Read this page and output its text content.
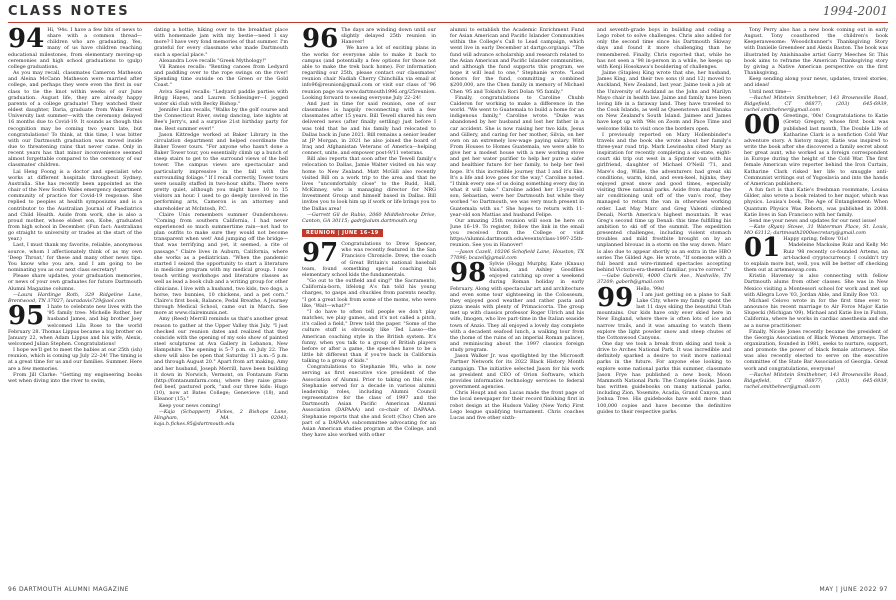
CLASS NOTES	1994-2001
94 Hi, '94s. I have a few bits of news to share with a common thread—children who are graduating. Yes, many of us have children reaching educational milestones, from elementary moving-up ceremonies and high school graduations to (gulp) college graduations.

As you may recall, classmates Cameron Matheson and Aleina McCann Matheson were married after college, and perhaps they were even the first in our class to tie the knot within weeks of our June graduation. August life, they are already happy parents of a college graduate! They watched their eldest daughter, Daria, graduate from Wake Forest University last summer—with the ceremony delayed 16 months due to Covid-19. It sounds as though this recognition may be coming two years late, but congratulations! To think, at this time, I was bitter with our Dartmouth graduation was moved inside due to threatening rains that never came. Only in recent years has that minor inconvenience seemed almost forgettable compared to the ceremony of our classmates' children.

Lai Heng Foong is a doctor and specialist who works at different hospitals throughout Sydney, Australia. She has recently been appointed as the chair of the New South Wales emergency department community of practice for Covid-19 response. She replied to peoples at health symposiums and is a contributor to the Australian Journal of Paediatrics and Child Health. Aside from work, she is also a proud mother, whose eldest son, Kobe, graduated from high school in December. (Fun fact: Australians go straight to university or trades at the start of the year.)

Last, I must thank my favorite, reliable, anonymous source, whom I affectionately think of as my own 'Deep Throat,' for these and many other news tips. You know who you are, and I am going to be nominating you as our next class secretary!

Please share updates, your graduation memories, or news of your own graduates for future Dartmouth Alumni Magazine columns.

—Laura Hardinge Roth, 329 Ridgeline Lane, Brentwood, TN 37027; lauradavis729@aol.com

95 I hate to celebrate new lives with the '95 family tree: Michelle Rother, her husband James, and big brother Joey welcomed Lila Rose to the world February 28. Thomas Lippus became a big brother on January 22, when Adam Lippus and his wife, Alexis, welcomed Julian Stephen. Congratulations!

I hope we'll get to meet the babies at our 25th (ish) reunion, which is coming up July 22–24! The timing is at a great time for us and our families. Summer. Here are a few memories.

From Jill Clarke: "Getting my engineering books wet when diving into the river to swim,

dating a hottie, hiking over to the breakfast place with homemade jam with my bestie—need I say more? I have very fond memories of that summer. I'm grateful for every classmate who made Dartmouth such a special place."

Alexandra Love recalls "Greek Mythology!"

Vil Ramos recalls: "Renting canoes from Ledyard and paddling over to the rope swings on the river! Spending time outside on the Green or the Gold Coast."

Aviva Siegel recalls: "Ledyard paddle parties with Brigg Hayes, and Lauren Schlesinger—I jogged water ski club with Becky Bishop."

Jennifer Linn recalls, "Walks by the golf course and the Connecticut River, swing dancing, late nights at Bee's Jerry's, and a surprise 21st birthday party for me. Best summer ever!"

Jason Kittredge worked at Baker Library in the circulation department and helped coordinate the Baker Tower tours. "For anyone who hasn't done a Baker Tower tour, you essentially climb up a bunch of steep stairs to get to the surround views of the bell tower. The campus views are spectacular and particularly impressive in the fall with the surrounding foliage." If I recall correctly, Tower tours were usually staffed in two-hour shifts. There were pretty quiet, although you might have 10 to 15 visitors an hour. I used to go deeply involved in the performing arts, Cameron is an attorney and shareholder at McIntosh, P.C.

Claire Unis remembers summer Oundershows: "Coming from southern California, I had never experienced so much summertime rain—not had to plan outfits to make sure they would not become transparent when wet! And jumping off the bridge—that was terrifying and yet, it seemed, a rite of passage." Claire lives in Auburn, California, where she works as a pediatrician. "When the pandemic started I seized the opportunity to start a literature in medicine program with my medical group. I now teach writing workshops and literature classes as well as lead a book club and a writing group for other clinicians. I live with a husband, two kids, two dogs, a horse, two bunnies, 10 chickens, and a pet corn." Claire's first book, Balance, Pedal Breathe, A Journey through Medical School, came out in March. See more at www.clairemunis.net.

Amy (Reed) Merrill reminds us that's another great reason to gather at the Upper Valley this July. "I just checked our reunion dates and realized that they coincide with the opening of my solo show of painted steel sculptures at Ava Gallery in Lebanon, New Hampshire. The opening is 5–7 p.m. on July 22. The show will also be open that Saturday 11 a.m.–5 p.m. and through August 20." Apart from art making, Amy and her husband, Joseph Merrill, have been building it down in Norwich, Vermont, on Fontanum Farm (http://fontanumfarm.com), where they raise grass-fed beef, pastured pork, "and our three kids: Hugo (10), now at Bates College; Genevieve (18), and Eleanor (15)."

Keep your news coming!

—Kaja (Schappert) Fickes, 2 Bishops Lane, Hingham, MA 02043; kaja.h.fickes.95@dartmouth.edu

96 The days are winding down until our slightly delayed 25th reunion in Hanover!

We have a lot of exciting plans in the works for everyone able to make it back to campus (and potentially a few options for those not able to make the trek back home). For information regarding our 25th, please contact our classmates' reunion chair Nadiah Cherry Chinchilla via email at info96@reunion@gmail.com or visit our class of '96 reunion page via www.dartmouth1996.org/25reunion. Looking forward to seeing everyone July 22–24!

And just in time for said reunion, one of our classmates is happily reconnecting with a few classmates after 15 years. Bill Tewell shared his own delivered news (after finally settling) just before I was told that he and his family had relocated to Dallas back in June 2021. Bill remains a senior leader at JP Morgan, in 2021 he also joined the board of Iraq and Afghanistan Veterans of America—helping connect, unite, and empower post-9/11 veterans.

Bill also reports that soon after the Tewell family's relocation to Dallas, Jamie Walter visited on his way home to New Zealand. Matt McGill also recently visited Bill on a work trip to the area and that he lives "uncomfortably close" to the Rudd, Hall, McKinney, who is managing director for NRG Investment Group and himself based in Dallas. Bill invites you to look him up if work or life brings you to the Dallas area!

—Garrett Gil de Rubio, 2060 Middlebrooke Drive, Canton, GA 30115; gadr@alum.dartmouth.org

REUNION | JUNE 16–19
97 Congratulations to Drew Spencer, who was recently featured in the San Francisco Chronicle. Drew, the coach of Great Britain's national baseball team, found something special coaching his elementary school kids the fundamentals.

"Go out to the outfield and sing!" the Sacramento, California-born, lifelong A's fan told his young charges, to gasps and chuckles from parents nearby. "I got a great look from some of the moms, who were like, 'Wait—what?'"

"I do have to often tell people we don't play matches, we play games, and it's not called a pitch, it's called a field," Drew told the paper. "Some of the culture stuff is obviously like Ted Lasso—the American coaching style in the British system. It's funny, when you talk to a group of British players before or after a game, the speeches have to be a little bit different than if you're back in California talking to a group of kids."

Congratulations to Stephanie Wu, who is now serving as first executive vice president of the Association of Alumni. Prior to taking on this role, Stephanie served for a decade in various alumni leadership roles, including Alumni Council representative for the class of 1997 and the Dartmouth Asian Pacific American Alumni Association (DAPAAA) and co-chair of DAPAAA. Stephanie reports that she and Scott (Cho) Chen are part of a DAPAAA subcommittee advocating for an Asian American studies program at the College, and they have also worked with other

alumni to establish the Academic Enrichment Fund for Asian American and Pacific Islander Communities within the College's Call to Lead campaign, which went live in early December at dartgo.org/aapi. "The fund will advance scholarship and research related to the Asian American and Pacific Islander communities, and although the fund supports this program, we hope it will lead to one," Stephanie wrote. "Lead donors for the fund, committing a combined $200,000, are the Chen family in memory of Michael Chen '95 and Tokishi's Rori Dolan '95 family."

Finally, congratulations to Caroline Chubb Calderon for working to make a difference in the world. "We went to Guatemala to build a home for an indigenous family," Caroline wrote. "Duke was abandoned by her husband and lost her father in a car accident. She is now raising her two kids, Jesus and Gillery, and caring for her mother, Silvia, on her own on an extremely low-wage paying salary. With From Houses to Homes Guatemala, we were able to give her a modest house with a new working stove and get her water purifier to help her pure a safer and healthier future for her family, to help her feel hope. It's this incredible journey that I and it's like. It's a life and love goes for the way," Caroline noted. "I think every one of us doing something every day in what it will take." Caroline added her 13-year-old son, Sebastian, were her Dartmouth but while they worked "so Dartmouth, we was very much present in Guatemala with us." She hopes to return with 11-year-old son Mattias and husband Felipe.

Our amazing 25th reunion will soon be here on June 16–19. To register, follow the link in the email you received from the College or visit https://alumni.dartmouth.edu/events/class-1997-25th-reunion. See you in Hanover!

—Jason Cazell, 10206 Schofield Lane, Houston, TX 77096; bcazell@gmail.com

98 Sylvie (Hogg) Murphy, Kate (Knaus) Vaishon, and Ashley Goodflies enjoyed catching up over a weekend during Roman holiday in early February. Along with spectacular art and architecture and even some tour sightseeing in the Colosseum, they enjoyed good weather and rather pasta and pizza meals with plenty of Primacicorta. The group met up with classics professor Roger Ulrich and his wife, Imogen, who live part-time in the Italian seaside town of Anzio. They all enjoyed a lovely day complete with a decadent seafood lunch, a walking tour from the (home of the ruins of an imperial Roman palace), and reminiscing about the 1997 classics foreign study program.

Jason Walker Jr. was spotlighted by the Microsoft Partner Network for its 2022 Black History Month campaign. The initiative selected Jason for his work as president and CEO of Orion Software, which provides information technology services to federal government agencies.

Chris Houpt and son Lucas made the front page of the local newspaper for their record finishing first in robot design at the Hudson Valley (New York) First Lego league qualifying tournament. Chris coaches Lucas and five other sixth-

and seventh-grade boys in building and coding a Lego robot to solve challenges. Chris also added for only the second time since his Dartmouth Skiway days and found it more challenging than he remembered. Finally, Chris reported that, while he has not seen a '98 in-person in a while, he keeps up with Kenji Hosokawa's bouldering of challenges.

Jaime (Staples) King wrote that she, her husband, James King, and their two sons (8 and 12) moved to Auckland, New Zealand, last year. Jaime took a job at the University of Auckland as the John and Marilyn Mayo chair in health law. Jaime and family have been loving life in a faraway land. They have traveled to the Cook Islands, as well as Queenstown and Wanaka on New Zealand's South Island. Jaimee and James have kept up with '98s on Zoom and Pace Time and welcome folks to visit once the borders open.

I previously reported on Mary Hollenbinder's travels and the book she wrote about her family's three-year road trip. Mark Lewinsohn cited Mary as inspiration for recently completing a six-state, eight-court ski trip out west in a Sprinter van with his girlfriend, daughter of Michael O'Neill '71, and Mare's dog, Willie, the adventurers had great ski conditions, warm, kind, and even-keel, hijinks, they enjoyed great snow and good times, especially visiting three national parks. Aside from sharing the air conditioning unit off of the van's roof, they managed to return the van in otherwise working order. Last May Marc and Greg Valenti climbed Denali, North America's highest mountain. It was Greg's second time up Denali: this time fulfilling his ambition to ski off of the summit. The expedition presented challenges, including violent stomach troubles and mild frostbite brought on by an unplanned bivouac in a storm on the way down. Marc is also due to appear shortly as an extra in the HBO series The Gilded Age. He wrote, "If someone with a full beard and wire-rimmed spectacles accepting behind Victoria-era-themed familiar, you're correct."

—Gabe Gabrelli, 4000 Clark Ave., Nashville, TN 37209; gaberb@gmail.com

99 Hello, '99s!

I am just getting on a plane to Salt Lake City, where my family spent the last 11 days skiing the beautiful Utah mountains. Our kids have only ever skied here in New England, where there is often lots of ice and narrow trails, and it was amazing to watch them explore the light powder snow and steep chutes of the Cottonwood Canyons.

One day we took a break from skiing and took a drive to Arches National Park. It was incredible and definitely sparked a desire to visit more national parks in the future. For anyone else looking to explore some national parks this summer, classmate Jason Frye has published a new book, Moon Mammoth National Park: The Complete Guide. Jason has written guidebooks on many national parks, including Zion, Yosemite, Acadia, Grand Canyon, and Joshua Tree. His guidebooks have sold more than 100,000 copies and have become the definitive guides to their respective parks.

Tony Perry also has a new book coming out in early August. Tony coauthored the children's book Keeperawesome: Wooodchunner's Thanksgiving Story with Danielle Greendeer and Alexis Baston. The book was illustrated by Anishinaabe artist Garry Meeches Sr. This book aims to reframe the American Thanksgiving story by giving a Native American perspective on the first Thanksgiving.

Keep sending along your news, updates, travel stories, and ideas!

Until next time—

—Rachel Mitstein Smithehner, 143 Brownsville Road, Ridgefield, CT 06877; (203) 645-6939, rachel.smithehner@gmail.com

00 Greetings, '00s! Congratulations to Katie (Gretz) Gregory, whose first book was published last month, The Double Life of Katharine Clark is a nonfiction Cold War adventure story. A history major, Katie was inspired to write the book after she discovered a family secret about her great aunt, who worked as a foreign correspondent in Europe during the height of the Cold War. The first female American wire reporter behind the Iron Curtain, Katharine Clark risked her life to smuggle anti-Communist writings out of Yugoslavia and into the hands of American publishers.

A fun fact is that Katie's freshman roommate, Louisa Gilder, also wrote a book related to her major, which was physics. Louisa's book, The Age of Entanglement: When Quantum Physics Was Reborn, was published in 2008. Katie lives in San Francisco with her family.

Send me your news and updates for our next issue!

—Kate (Ryan) Stowe, 31 Waterman Place, St. Louis, MO 63112; dartmouth2000secretary@gmail.com

01 Happy spring, fellow '01s!

Madeleine Mackoine Ruiz and Kelly Mc Ruiz '98 recently co-founded Artems, an art-backed cryptocurrency. I couldn't try to explain more but, well, you will be better off checking them out at artemsswap.com.

Kristin Havemsy is also connecting with fellow Dartmouth alums from other classes. She was in New Mexico visiting a Montessori school for work and met up with Allegra Love '03, Jordan Able, and Emily Roe '03.

Michael Celovo wrote in for the first time ever to announce his recent marriage to Air Force Major Katie Slupecki (Michigan '09). Michael and Katie live in Fulton, California, where he works in cardiac anesthesia and she as a nurse practitioner.

Finally, Nicole Jones recently became the president of the Georgia Association of Black Women Attorneys. The organization, founded in 1981, seeks to nurture, support, and promote the power of black female attorneys. She was also recently elected to serve on the executive committee of the State Bar Association of Georgia. Great work and congratulations, everyone!

—Rachel Mitstein Smithehner, 143 Brownsville Road, Ridgefield, CT 06877; (203) 645-6939, rachel.smithehner@gmail.com

96 DARTMOUTH ALUMNI MAGAZINE	MAY | JUNE 2022 97
